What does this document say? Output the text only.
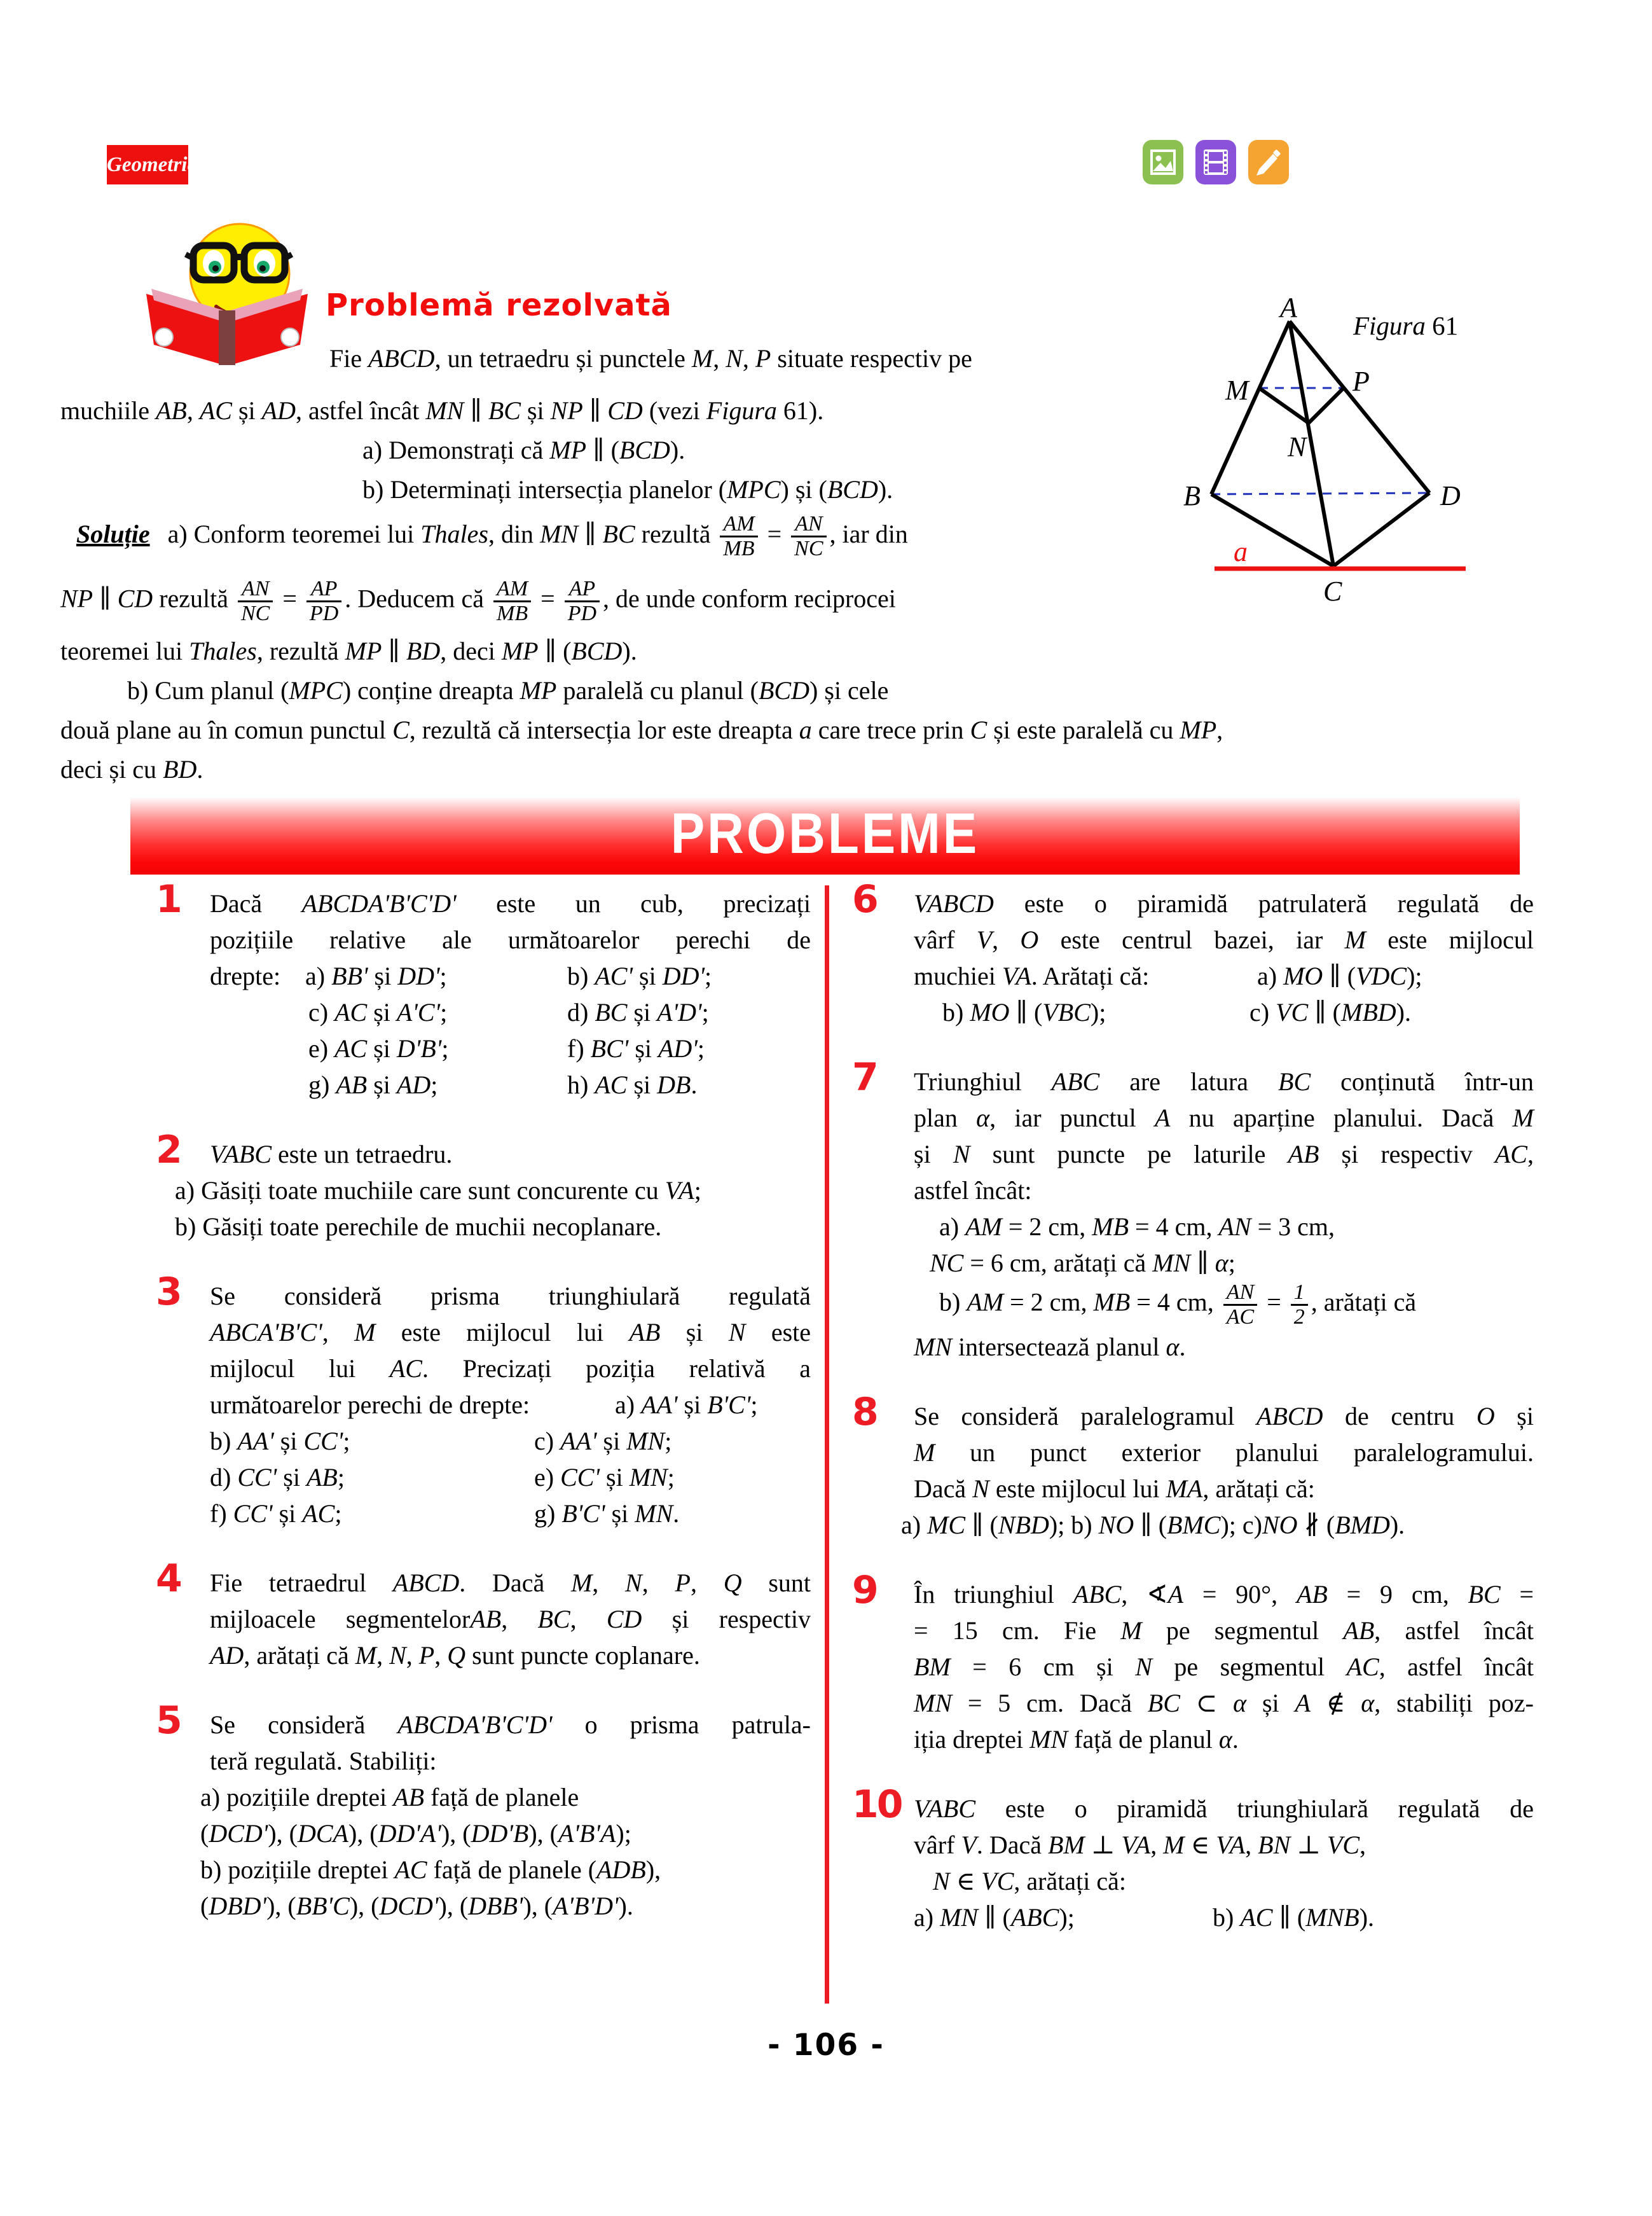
Geometrie
Problemă rezolvată
Fie ABCD, un tetraedru și punctele M, N, P situate respectiv pe
muchiile AB, AC și AD, astfel încât MN ∥ BC și NP ∥ CD (vezi Figura 61).
a) Demonstrați că MP ∥ (BCD).
b) Determinați intersecția planelor (MPC) și (BCD).
Soluție a) Conform teoremei lui Thales, din MN ∥ BC rezultă $\frac{AM}{MB} = \frac{AN}{NC}$ , iar din
NP ∥ CD rezultă $\frac{AN}{NC} = \frac{AP}{PD}$ . Deducem că $\frac{AM}{MB} = \frac{AP}{PD}$ , de unde conform reciprocei
teoremei lui Thales, rezultă MP ∥ BD, deci MP ∥ (BCD).
b) Cum planul (MPC) conține dreapta MP paralelă cu planul (BCD) și cele
două plane au în comun punctul C, rezultă că intersecția lor este dreapta a care trece prin C și este paralelă cu MP,
deci și cu BD.
A
M	P
N
B	D
C
a
Figura 61
PROBLEME
1 Dacă ABCDA'B'C'D' este un cub, precizați
pozițiile relative ale următoarelor perechi de
drepte: a) BB' și DD';	b) AC' și DD';
c) AC și A'C';	d) BC și A'D';
e) AC și D'B';	f) BC' și AD';
g) AB și AD;	h) AC și DB.
2 VABC este un tetraedru.
a) Găsiți toate muchiile care sunt concurente cu VA;
b) Găsiți toate perechile de muchii necoplanare.
3 Se consideră prisma triunghiulară regulată
ABCA'B'C', M este mijlocul lui AB și N este
mijlocul lui AC. Precizați poziția relativă a
următoarelor perechi de drepte:	a) AA' și B'C';
b) AA' și CC';	c) AA' și MN;
d) CC' și AB;	e) CC' și MN;
f) CC' și AC;	g) B'C' și MN.
4 Fie tetraedrul ABCD. Dacă M, N, P, Q sunt
mijloacele segmentelorAB, BC, CD și respectiv
AD, arătați că M, N, P, Q sunt puncte coplanare.
5 Se consideră ABCDA'B'C'D' o prisma patrula-
teră regulată. Stabiliți:
a) pozițiile dreptei AB față de planele
(DCD'), (DCA), (DD'A'), (DD'B), (A'B'A);
b) pozițiile dreptei AC față de planele (ADB),
(DBD'), (BB'C), (DCD'), (DBB'), (A'B'D').
6 VABCD este o piramidă patrulateră regulată de
vârf V, O este centrul bazei, iar M este mijlocul
muchiei VA. Arătați că:	a) MO ∥ (VDC);
b) MO ∥ (VBC);	c) VC ∥ (MBD).
7 Triunghiul ABC are latura BC conținută într-un
plan α, iar punctul A nu aparține planului. Dacă M
și N sunt puncte pe laturile AB și respectiv AC,
astfel încât:
a) AM = 2 cm, MB = 4 cm, AN = 3 cm,
NC = 6 cm, arătați că MN ∥ α;
b) AM = 2 cm, MB = 4 cm, $\frac{AN}{AC} = \frac{1}{2}$ , arătați că
MN intersectează planul α.
8 Se consideră paralelogramul ABCD de centru O și
M un punct exterior planului paralelogramului.
Dacă N este mijlocul lui MA, arătați că:
a) MC ∥ (NBD); b) NO ∥ (BMC); c)NO ∦ (BMD).
9 În triunghiul ABC, ∢A = 90°, AB = 9 cm, BC =
= 15 cm. Fie M pe segmentul AB, astfel încât
BM = 6 cm și N pe segmentul AC, astfel încât
MN = 5 cm. Dacă BC ⊂ α și A ∉ α, stabiliți poz-
iția dreptei MN față de planul α.
10 VABC este o piramidă triunghiulară regulată de
vârf V. Dacă BM ⊥ VA, M ∈ VA, BN ⊥ VC,
N ∈ VC, arătați că:
a) MN ∥ (ABC);	b) AC ∥ (MNB).
- 106 -
